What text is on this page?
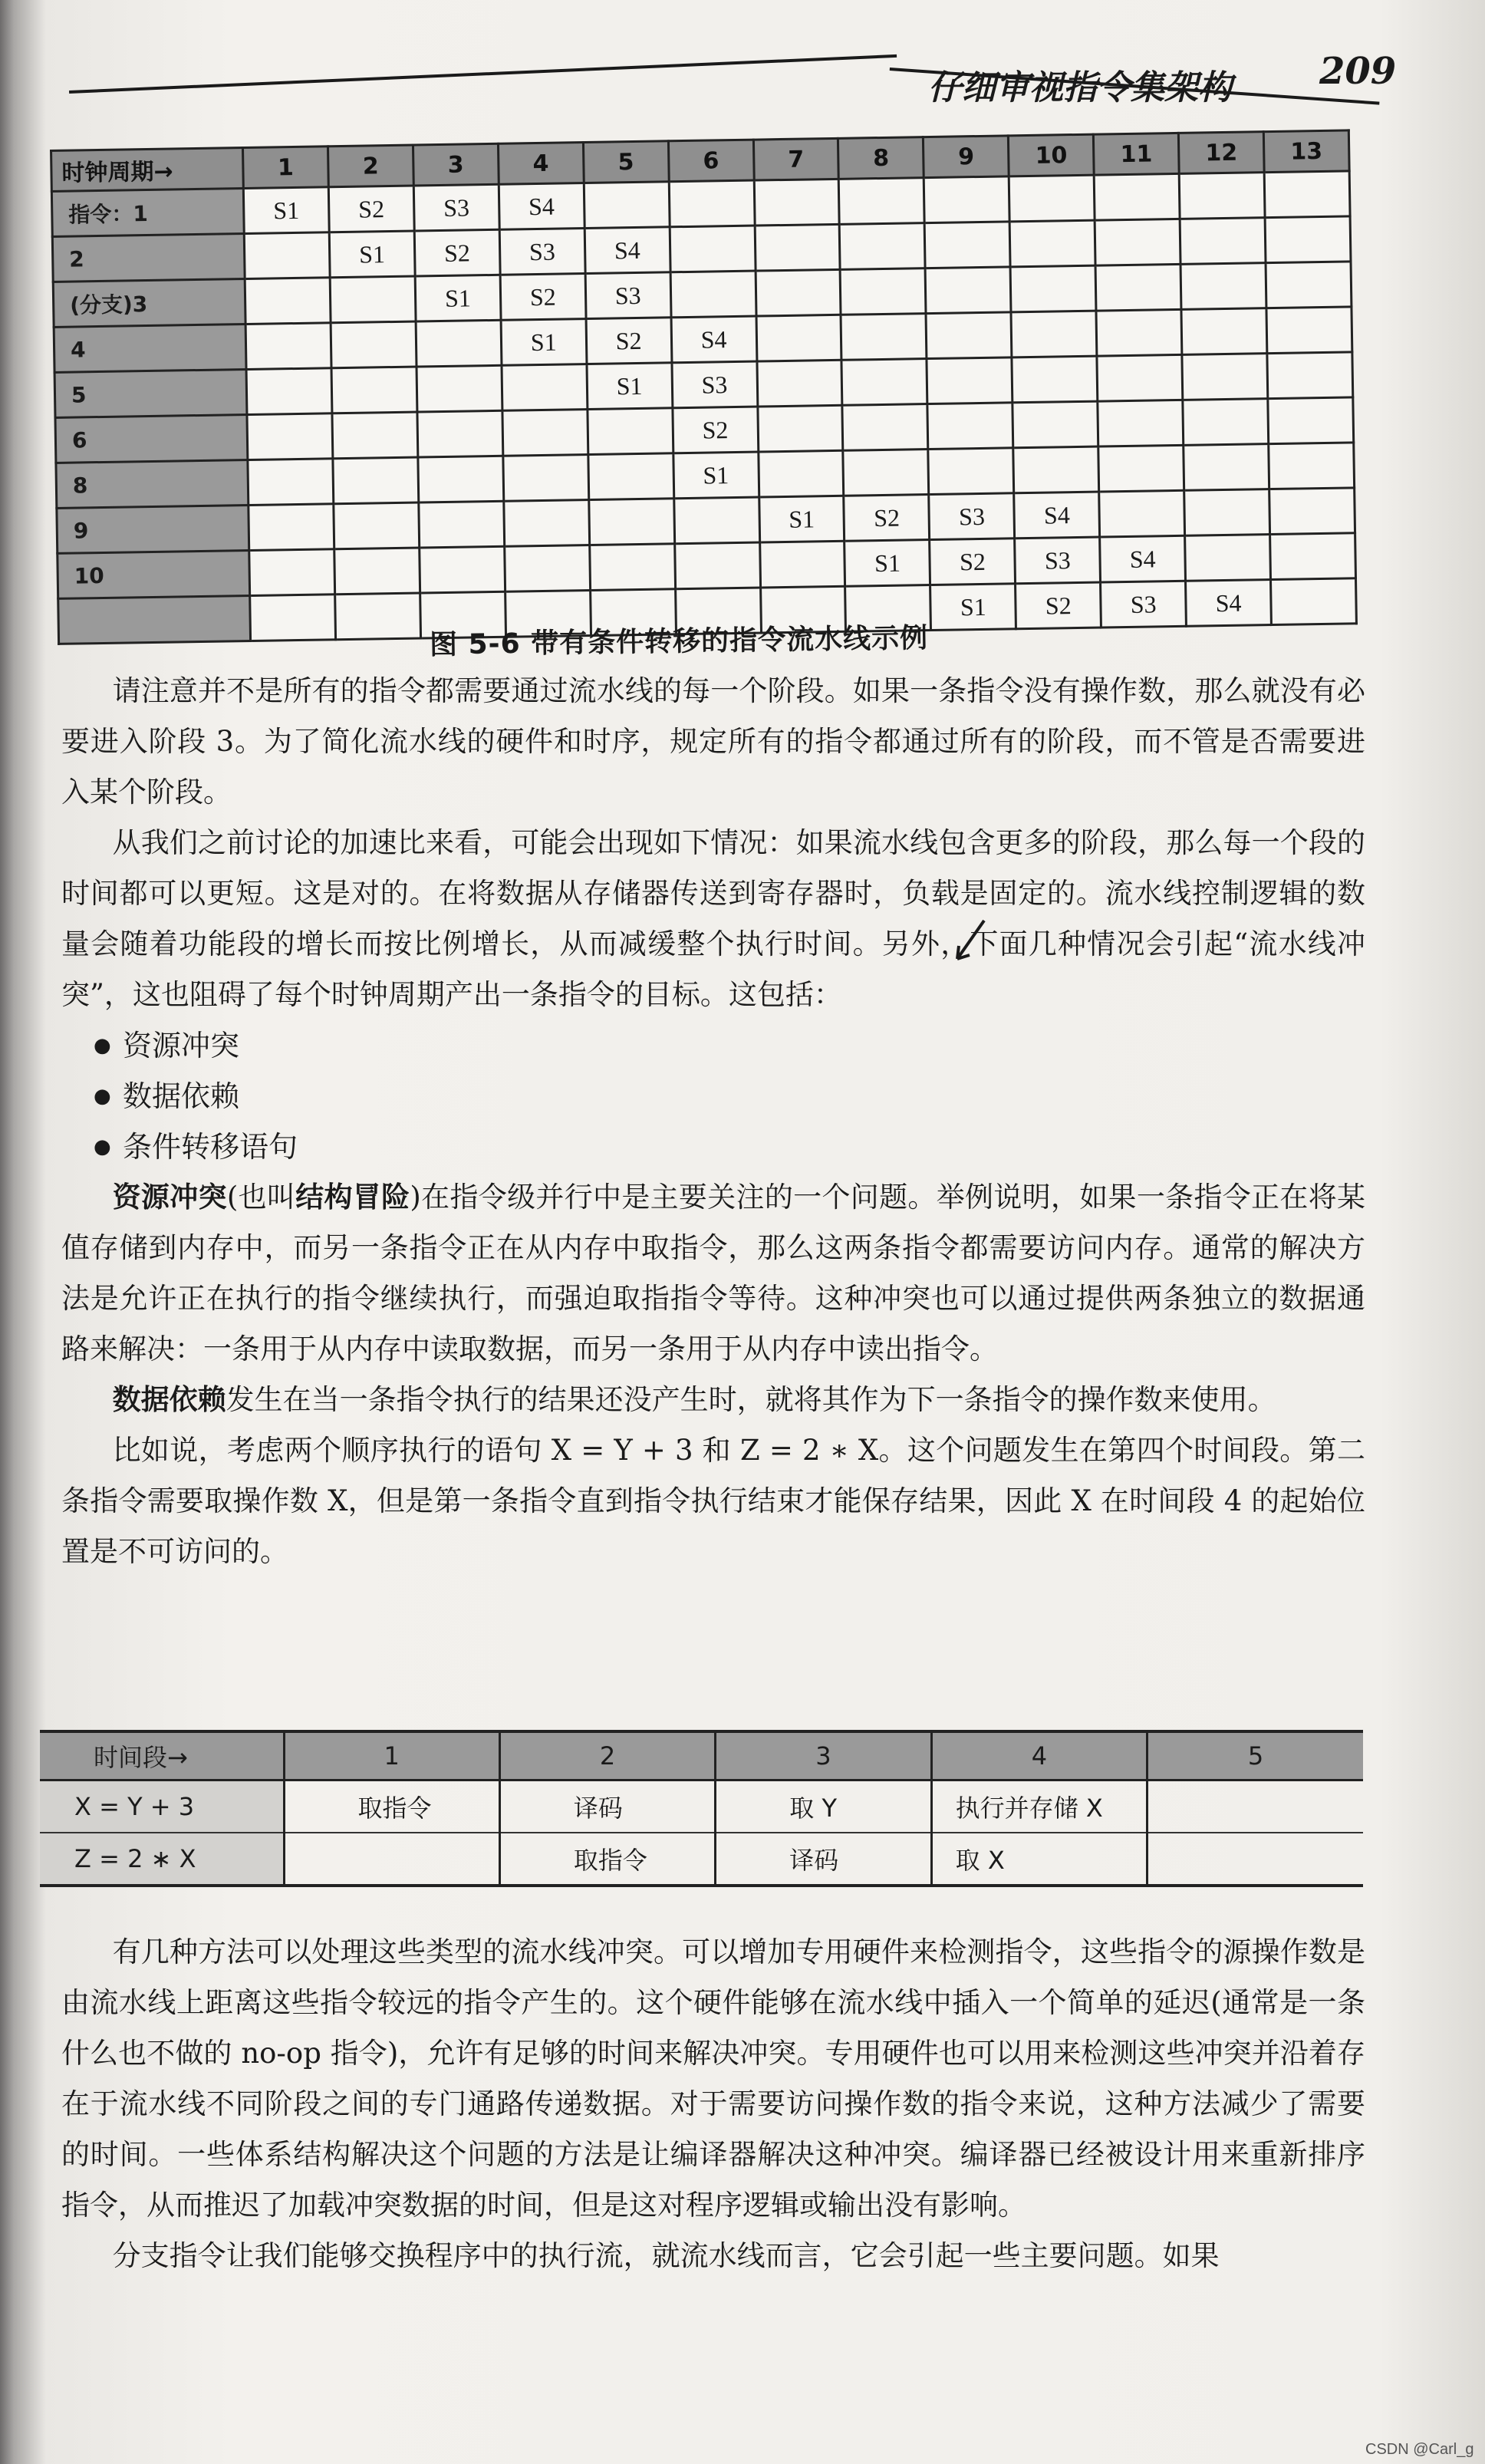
仔细审视指令集架构 209
时钟周期→	1	2	3	4	5	6	7	8	9	10	11	12	13
指令：1	S1	S2	S3	S4									
2		S1	S2	S3	S4								
(分支)3			S1	S2	S3								
4				S1	S2	S4							
5					S1	S3							
6						S2							
8						S1							
9							S1	S2	S3	S4			
10								S1	S2	S3	S4		
									S1	S2	S3	S4	
图 5-6 带有条件转移的指令流水线示例

请注意并不是所有的指令都需要通过流水线的每一个阶段。如果一条指令没有操作数，那么就没有必要进入阶段 3。为了简化流水线的硬件和时序，规定所有的指令都通过所有的阶段，而不管是否需要进入某个阶段。

从我们之前讨论的加速比来看，可能会出现如下情况：如果流水线包含更多的阶段，那么每一个段的时间都可以更短。这是对的。在将数据从存储器传送到寄存器时，负载是固定的。流水线控制逻辑的数量会随着功能段的增长而按比例增长，从而减缓整个执行时间。另外，下面几种情况会引起“流水线冲突”，这也阻碍了每个时钟周期产出一条指令的目标。这包括：

● 资源冲突
● 数据依赖
● 条件转移语句

资源冲突(也叫结构冒险)在指令级并行中是主要关注的一个问题。举例说明，如果一条指令正在将某值存储到内存中，而另一条指令正在从内存中取指令，那么这两条指令都需要访问内存。通常的解决方法是允许正在执行的指令继续执行，而强迫取指指令等待。这种冲突也可以通过提供两条独立的数据通路来解决：一条用于从内存中读取数据，而另一条用于从内存中读出指令。

数据依赖发生在当一条指令执行的结果还没产生时，就将其作为下一条指令的操作数来使用。

比如说，考虑两个顺序执行的语句 X = Y + 3 和 Z = 2 ∗ X。这个问题发生在第四个时间段。第二条指令需要取操作数 X，但是第一条指令直到指令执行结束才能保存结果，因此 X 在时间段 4 的起始位置是不可访问的。

时间段→	1	2	3	4	5
X = Y + 3	取指令	译码	取 Y	执行并存储 X	
Z = 2 ∗ X		取指令	译码	取 X	

有几种方法可以处理这些类型的流水线冲突。可以增加专用硬件来检测指令，这些指令的源操作数是由流水线上距离这些指令较远的指令产生的。这个硬件能够在流水线中插入一个简单的延迟(通常是一条什么也不做的 no-op 指令)，允许有足够的时间来解决冲突。专用硬件也可以用来检测这些冲突并沿着存在于流水线不同阶段之间的专门通路传递数据。对于需要访问操作数的指令来说，这种方法减少了需要的时间。一些体系结构解决这个问题的方法是让编译器解决这种冲突。编译器已经被设计用来重新排序指令，从而推迟了加载冲突数据的时间，但是这对程序逻辑或输出没有影响。

分支指令让我们能够交换程序中的执行流，就流水线而言，它会引起一些主要问题。如果

CSDN @Carl_g
